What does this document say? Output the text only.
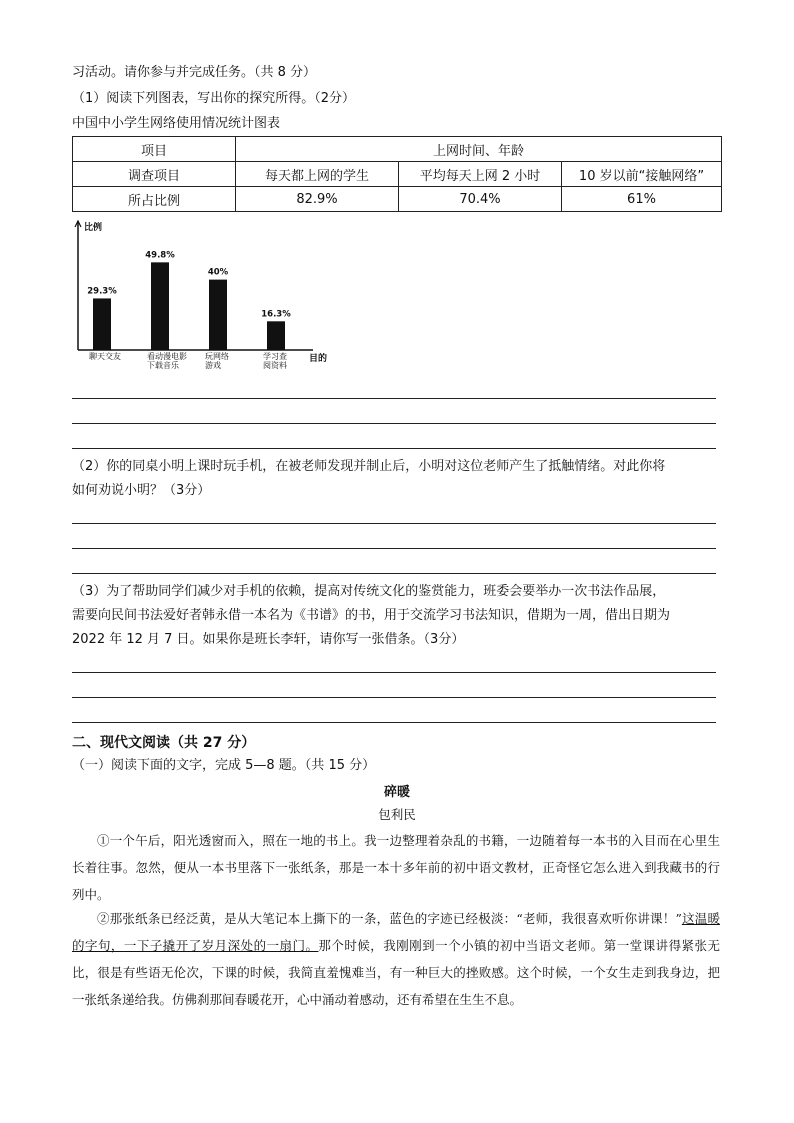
习活动。请你参与并完成任务。（共 8 分）
（1）阅读下列图表，写出你的探究所得。（2分）
中国中小学生网络使用情况统计图表
项目	上网时间、年龄		
调查项目	每天都上网的学生	平均每天上网 2 小时	10 岁以前“接触网络”
所占比例	82.9%	70.4%	61%
比例
目的
29.3%
聊天交友
49.8%
看动漫电影
下载音乐
40%
玩网络
游戏
16.3%
学习查
阅资料
（2）你的同桌小明上课时玩手机，在被老师发现并制止后，小明对这位老师产生了抵触情绪。对此你将
如何劝说小明？（3分）
（3）为了帮助同学们减少对手机的依赖，提高对传统文化的鉴赏能力，班委会要举办一次书法作品展，
需要向民间书法爱好者韩永借一本名为《书谱》的书，用于交流学习书法知识，借期为一周，借出日期为
2022 年 12 月 7 日。如果你是班长李轩，请你写一张借条。（3分）
二、现代文阅读（共 27 分）
（一）阅读下面的文字，完成 5—8 题。（共 15 分）
碎暖
包利民
①一个午后，阳光透窗而入，照在一地的书上。我一边整理着杂乱的书籍，一边随着每一本书的入目而在心里生长着往事。忽然，便从一本书里落下一张纸条，那是一本十多年前的初中语文教材，正奇怪它怎么进入到我藏书的行列中。
②那张纸条已经泛黄，是从大笔记本上撕下的一条，蓝色的字迹已经极淡：“老师，我很喜欢听你讲课！”这温暖的字句，一下子撬开了岁月深处的一扇门。那个时候，我刚刚到一个小镇的初中当语文老师。第一堂课讲得紧张无比，很是有些语无伦次，下课的时候，我简直羞愧难当，有一种巨大的挫败感。这个时候，一个女生走到我身边，把一张纸条递给我。仿佛刹那间春暖花开，心中涌动着感动，还有希望在生生不息。
